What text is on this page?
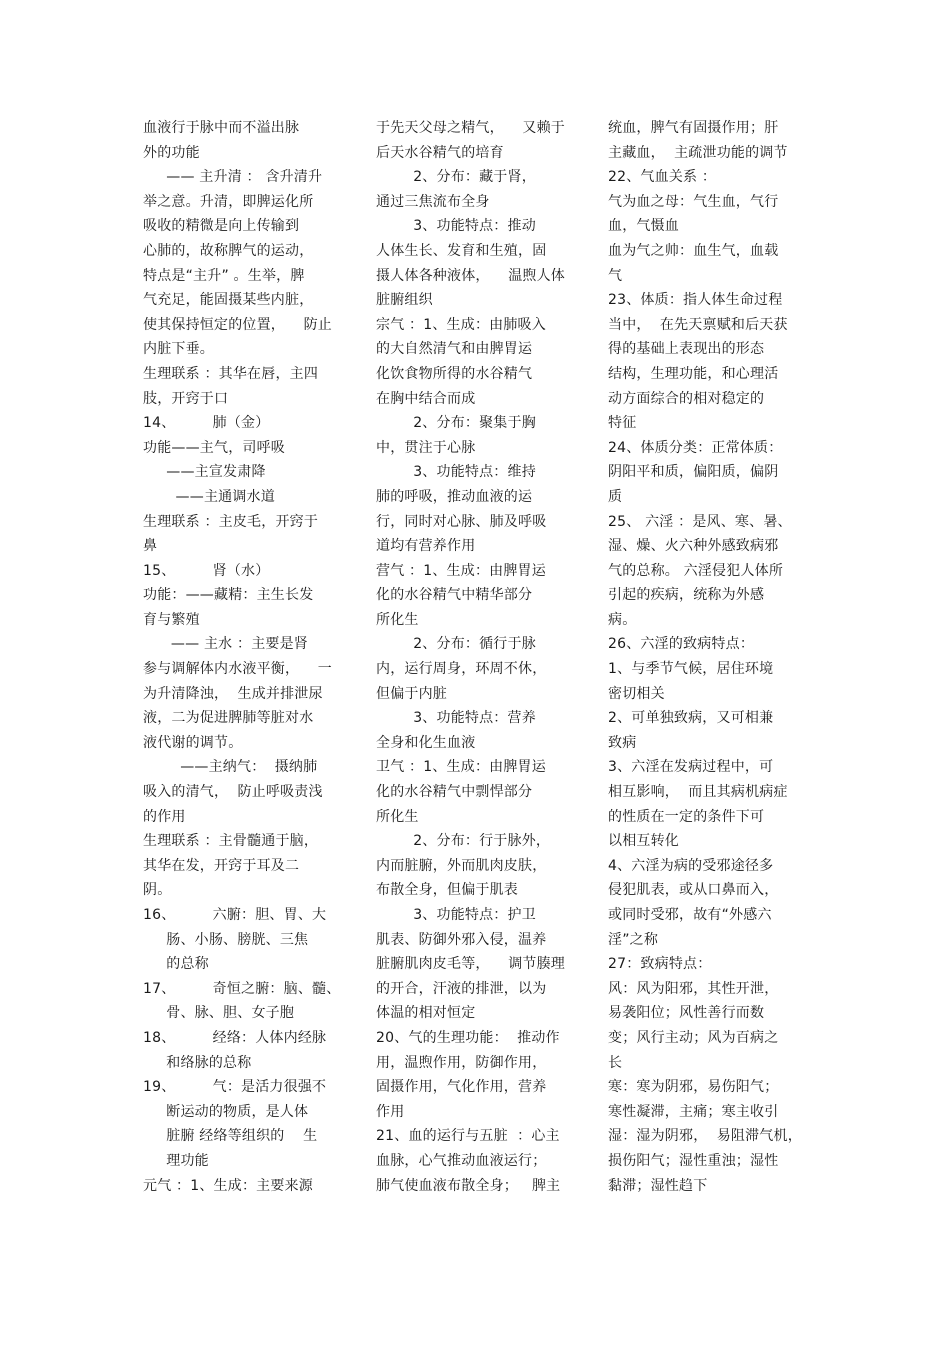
血液行于脉中而不溢出脉
外的功能
—— 主升清 ： 含升清升
举之意。升清，即脾运化所
吸收的精微是向上传输到
心肺的，故称脾气的运动，
特点是“主升” 。生举，脾
气充足，能固摄某些内脏，
使其保持恒定的位置，    防止
内脏下垂。
生理联系 ：其华在唇，主四
肢，开窍于口
14、        肺（金）
功能——主气，司呼吸
——主宣发肃降
——主通调水道
生理联系 ：主皮毛，开窍于
鼻
15、        肾（水）
功能：——藏精：主生长发
育与繁殖
—— 主水 ：主要是肾
参与调解体内水液平衡，    一
为升清降浊，  生成并排泄尿
液，二为促进脾肺等脏对水
液代谢的调节。
——主纳气：  摄纳肺
吸入的清气，  防止呼吸责浅
的作用
生理联系 ：主骨髓通于脑，
其华在发，开窍于耳及二
阴。
16、        六腑：胆、胃、大
肠、小肠、膀胱、三焦
的总称
17、        奇恒之腑：脑、髓、
骨、脉、胆、女子胞
18、        经络：人体内经脉
和络脉的总称
19、        气：是活力很强不
断运动的物质，是人体
脏腑 经络等组织的    生
理功能
元气 ：1、生成：主要来源
于先天父母之精气，    又赖于
后天水谷精气的培育
2、分布：藏于肾，
通过三焦流布全身
3、功能特点：推动
人体生长、发育和生殖，固
摄人体各种液体，    温煦人体
脏腑组织
宗气 ：1、生成：由肺吸入
的大自然清气和由脾胃运
化饮食物所得的水谷精气
在胸中结合而成
2、分布：聚集于胸
中，贯注于心脉
3、功能特点：维持
肺的呼吸，推动血液的运
行，同时对心脉、肺及呼吸
道均有营养作用
营气 ：1、生成：由脾胃运
化的水谷精气中精华部分
所化生
2、分布：循行于脉
内，运行周身，环周不休，
但偏于内脏
3、功能特点：营养
全身和化生血液
卫气 ：1、生成：由脾胃运
化的水谷精气中剽悍部分
所化生
2、分布：行于脉外，
内而脏腑，外而肌肉皮肤，
布散全身，但偏于肌表
3、功能特点：护卫
肌表、防御外邪入侵，温养
脏腑肌肉皮毛等，    调节腠理
的开合，汗液的排泄，以为
体温的相对恒定
20、气的生理功能：  推动作
用，温煦作用，防御作用，
固摄作用，气化作用，营养
作用
21、血的运行与五脏  ：心主
血脉，心气推动血液运行；
肺气使血液布散全身；   脾主
统血，脾气有固摄作用；肝
主藏血，  主疏泄功能的调节
22、气血关系 ：
气为血之母：气生血，气行
血，气慑血
血为气之帅：血生气，血载
气
23、体质：指人体生命过程
当中，  在先天禀赋和后天获
得的基础上表现出的形态
结构，生理功能，和心理活
动方面综合的相对稳定的
特征
24、体质分类：正常体质：
阴阳平和质，偏阳质，偏阴
质
25、 六淫 ：是风、寒、暑、
湿、燥、火六种外感致病邪
气的总称。 六淫侵犯人体所
引起的疾病，统称为外感
病。
26、六淫的致病特点：
1、与季节气候，居住环境
密切相关
2、可单独致病，又可相兼
致病
3、六淫在发病过程中，可
相互影响，  而且其病机病症
的性质在一定的条件下可
以相互转化
4、六淫为病的受邪途径多
侵犯肌表，或从口鼻而入，
或同时受邪，故有“外感六
淫”之称
27：致病特点：
风：风为阳邪，其性开泄，
易袭阳位；风性善行而数
变；风行主动；风为百病之
长
寒：寒为阴邪，易伤阳气；
寒性凝滞，主痛；寒主收引
湿：湿为阴邪，  易阻滞气机，
损伤阳气；湿性重浊；湿性
黏滞；湿性趋下
